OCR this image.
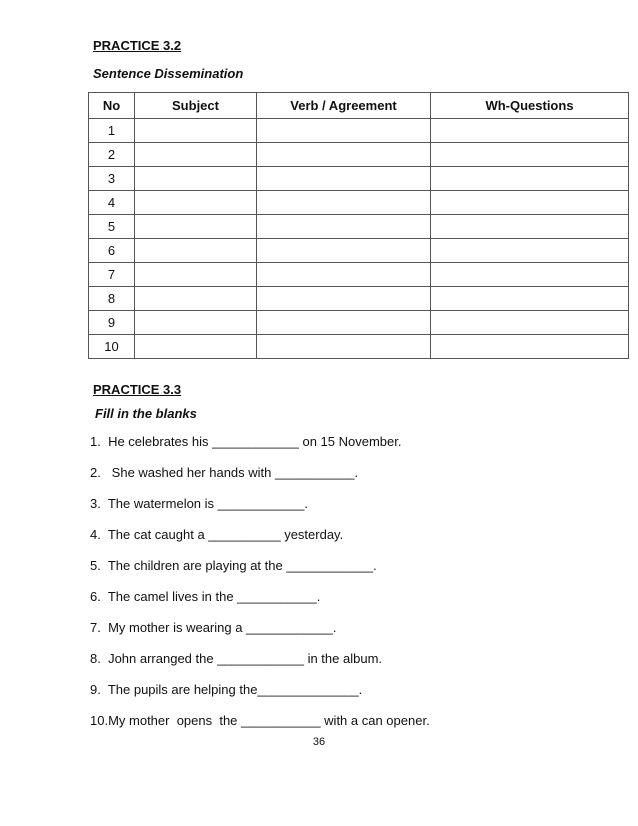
PRACTICE 3.2

Sentence Dissemination

No	Subject	Verb / Agreement	Wh-Questions
1			
2			
3			
4			
5			
6			
7			
8			
9			
10			

PRACTICE 3.3

Fill in the blanks

1.  He celebrates his ____________ on 15 November.
2.   She washed her hands with ___________.
3.  The watermelon is ____________.
4.  The cat caught a __________ yesterday.
5.  The children are playing at the ____________.
6.  The camel lives in the ___________.
7.  My mother is wearing a ____________.
8.  John arranged the ____________ in the album.
9.  The pupils are helping the______________.
10.My mother  opens  the ___________ with a can opener.
36
